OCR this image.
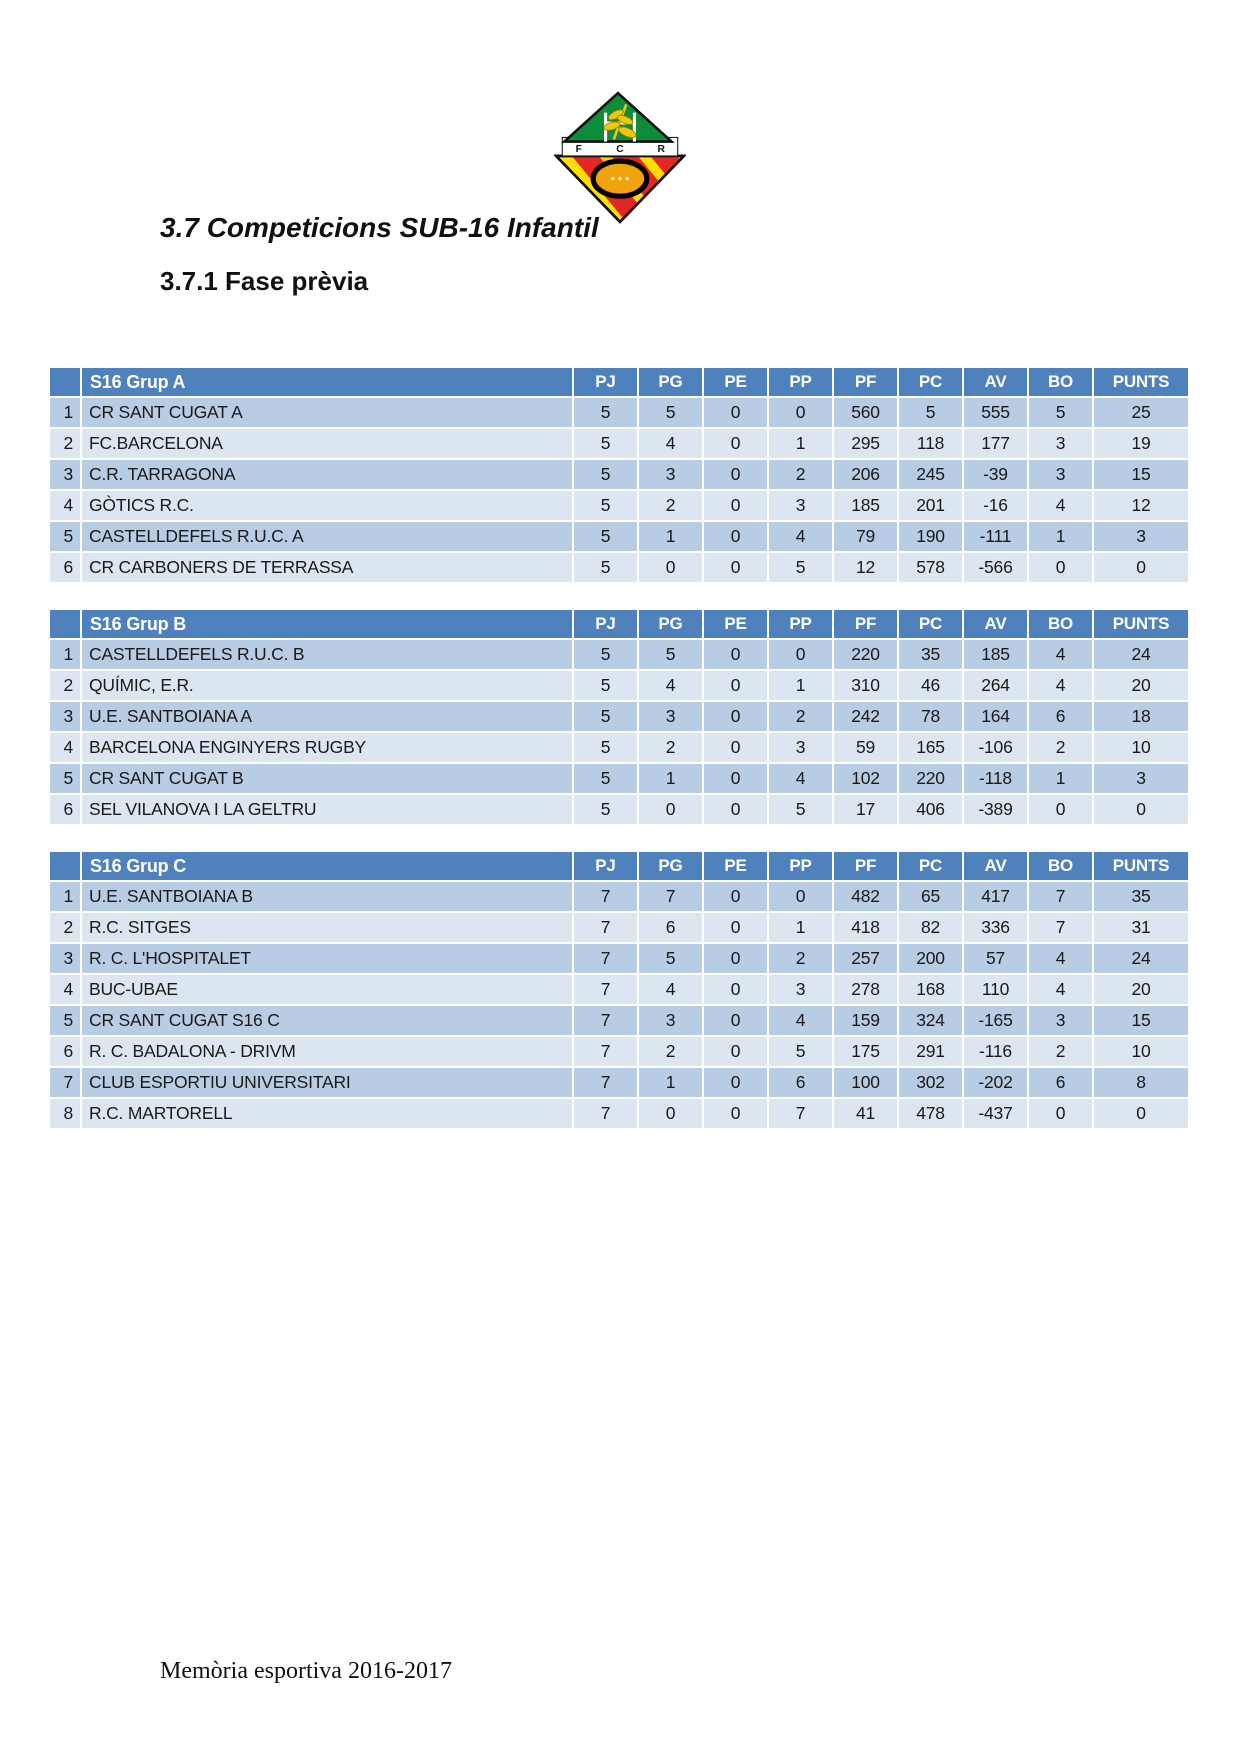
F	C	R
3.7 Competicions SUB-16 Infantil
3.7.1 Fase prèvia
	S16 Grup A	PJ	PG	PE	PP	PF	PC	AV	BO	PUNTS
1	CR SANT CUGAT A	5	5	0	0	560	5	555	5	25
2	FC.BARCELONA	5	4	0	1	295	118	177	3	19
3	C.R. TARRAGONA	5	3	0	2	206	245	-39	3	15
4	GÒTICS R.C.	5	2	0	3	185	201	-16	4	12
5	CASTELLDEFELS R.U.C. A	5	1	0	4	79	190	-111	1	3
6	CR CARBONERS DE TERRASSA	5	0	0	5	12	578	-566	0	0
	S16 Grup B	PJ	PG	PE	PP	PF	PC	AV	BO	PUNTS
1	CASTELLDEFELS R.U.C. B	5	5	0	0	220	35	185	4	24
2	QUÍMIC, E.R.	5	4	0	1	310	46	264	4	20
3	U.E. SANTBOIANA A	5	3	0	2	242	78	164	6	18
4	BARCELONA ENGINYERS RUGBY	5	2	0	3	59	165	-106	2	10
5	CR SANT CUGAT B	5	1	0	4	102	220	-118	1	3
6	SEL VILANOVA I LA GELTRU	5	0	0	5	17	406	-389	0	0
	S16 Grup C	PJ	PG	PE	PP	PF	PC	AV	BO	PUNTS
1	U.E. SANTBOIANA B	7	7	0	0	482	65	417	7	35
2	R.C. SITGES	7	6	0	1	418	82	336	7	31
3	R. C. L'HOSPITALET	7	5	0	2	257	200	57	4	24
4	BUC-UBAE	7	4	0	3	278	168	110	4	20
5	CR SANT CUGAT S16 C	7	3	0	4	159	324	-165	3	15
6	R. C. BADALONA - DRIVM	7	2	0	5	175	291	-116	2	10
7	CLUB ESPORTIU UNIVERSITARI	7	1	0	6	100	302	-202	6	8
8	R.C. MARTORELL	7	0	0	7	41	478	-437	0	0
Memòria esportiva 2016-2017
